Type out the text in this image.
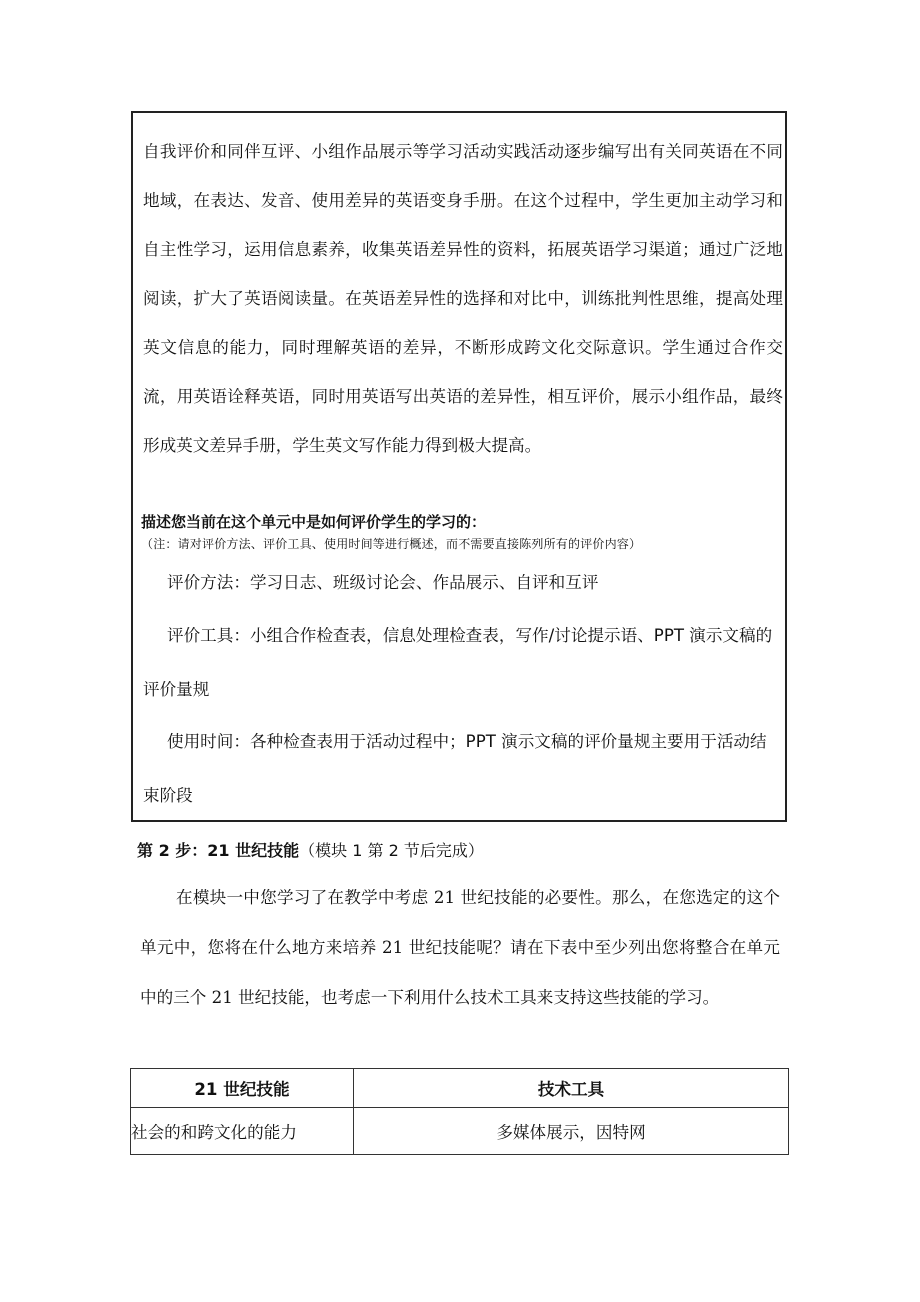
自我评价和同伴互评、小组作品展示等学习活动实践活动逐步编写出有关同英语在不同地域，在表达、发音、使用差异的英语变身手册。在这个过程中，学生更加主动学习和自主性学习，运用信息素养，收集英语差异性的资料，拓展英语学习渠道；通过广泛地阅读，扩大了英语阅读量。在英语差异性的选择和对比中，训练批判性思维，提高处理英文信息的能力，同时理解英语的差异，不断形成跨文化交际意识。学生通过合作交流，用英语诠释英语，同时用英语写出英语的差异性，相互评价，展示小组作品，最终形成英文差异手册，学生英文写作能力得到极大提高。

描述您当前在这个单元中是如何评价学生的学习的：

（注：请对评价方法、评价工具、使用时间等进行概述，而不需要直接陈列所有的评价内容）

评价方法：学习日志、班级讨论会、作品展示、自评和互评

评价工具：小组合作检查表，信息处理检查表，写作/讨论提示语、PPT 演示文稿的评价量规

使用时间：各种检查表用于活动过程中；PPT 演示文稿的评价量规主要用于活动结束阶段

第 2 步：21 世纪技能（模块 1 第 2 节后完成）

在模块一中您学习了在教学中考虑 21 世纪技能的必要性。那么，在您选定的这个单元中，您将在什么地方来培养 21 世纪技能呢？请在下表中至少列出您将整合在单元中的三个 21 世纪技能，也考虑一下利用什么技术工具来支持这些技能的学习。

21 世纪技能	技术工具
社会的和跨文化的能力	多媒体展示，因特网
